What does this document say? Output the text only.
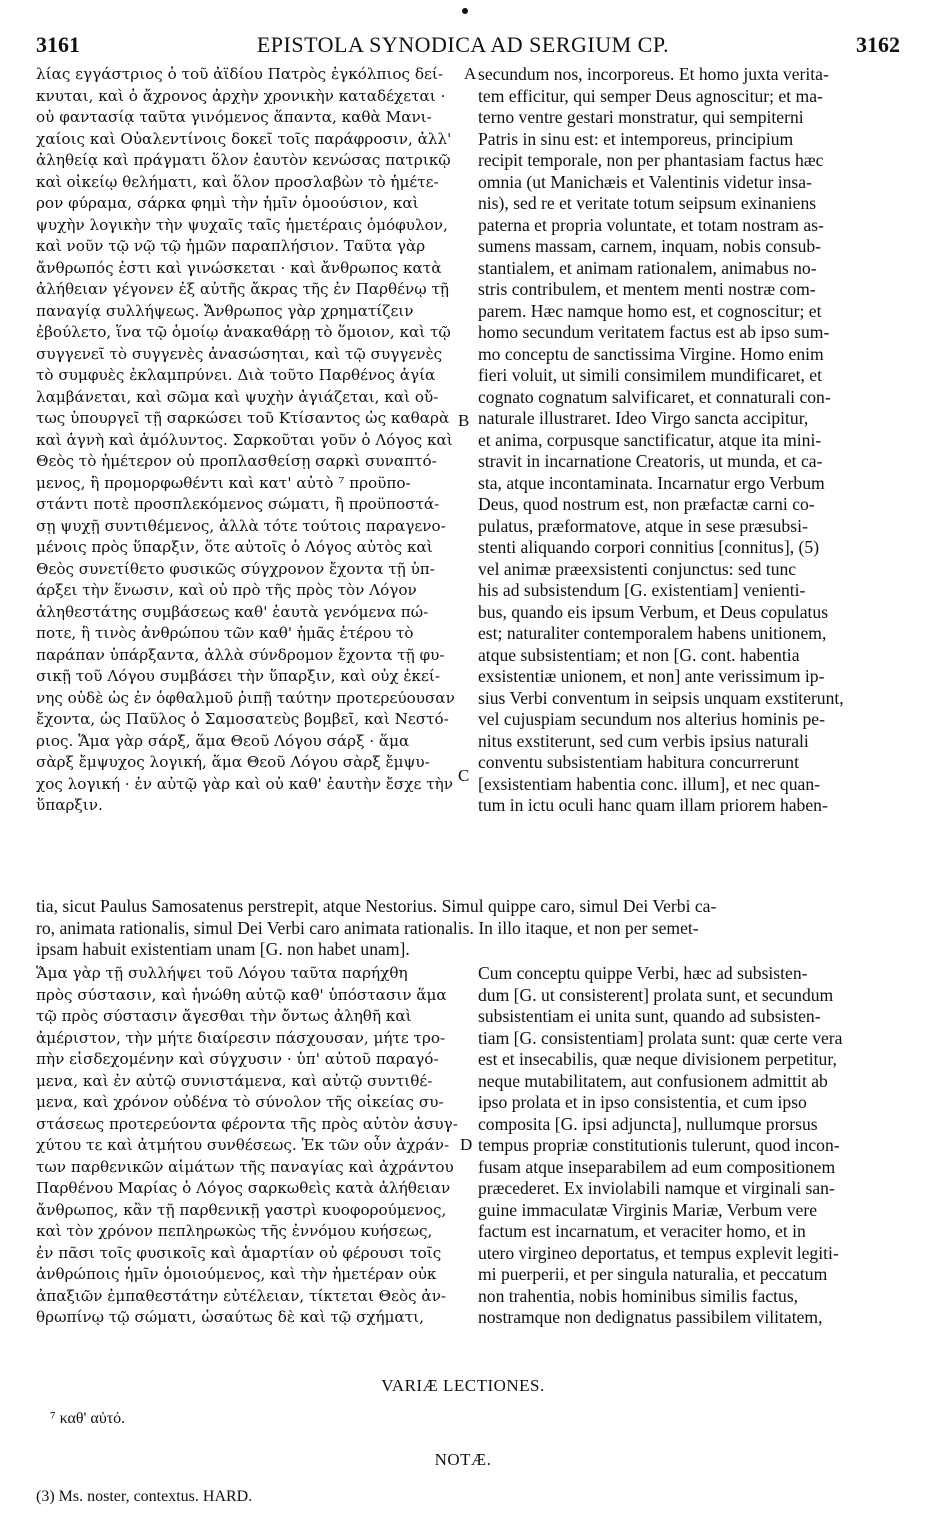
3161	EPISTOLA SYNODICA AD SERGIUM CP.	3162
λίας εγγάστριος ὁ τοῦ ἀϊδίου Πατρὸς ἐγκόλπιος δεί-
κνυται, καὶ ὁ ἄχρονος ἀρχὴν χρονικὴν καταδέχεται ·
οὐ φαντασίᾳ ταῦτα γινόμενος ἅπαντα, καθὰ Μανι-
χαίοις καὶ Οὐαλεντίνοις δοκεῖ τοῖς παράφροσιν, ἀλλ'
ἀληθείᾳ καὶ πράγματι ὅλον ἑαυτὸν κενώσας πατρικῷ
καὶ οἰκείῳ θελήματι, καὶ ὅλον προσλαβὼν τὸ ἡμέτε-
ρον φύραμα, σάρκα φημὶ τὴν ἡμῖν ὁμοούσιον, καὶ
ψυχὴν λογικὴν τὴν ψυχαῖς ταῖς ἡμετέραις ὁμόφυλον,
καὶ νοῦν τῷ νῷ τῷ ἡμῶν παραπλήσιον. Ταῦτα γὰρ
ἄνθρωπός ἐστι καὶ γινώσκεται · καὶ ἄνθρωπος κατὰ
ἀλήθειαν γέγονεν ἐξ αὐτῆς ἄκρας τῆς ἐν Παρθένῳ τῇ
παναγίᾳ συλλήψεως. Ἄνθρωπος γὰρ χρηματίζειν
ἐβούλετο, ἵνα τῷ ὁμοίῳ ἀνακαθάρῃ τὸ ὅμοιον, καὶ τῷ
συγγενεῖ τὸ συγγενὲς ἀνασώσηται, καὶ τῷ συγγενὲς
τὸ συμφυὲς ἐκλαμπρύνει. Διὰ τοῦτο Παρθένος ἁγία
λαμβάνεται, καὶ σῶμα καὶ ψυχὴν ἁγιάζεται, καὶ οὔ-
τως ὑπουργεῖ τῇ σαρκώσει τοῦ Κτίσαντος ὡς καθαρὰ
καὶ ἁγνὴ καὶ ἀμόλυντος. Σαρκοῦται γοῦν ὁ Λόγος καὶ
Θεὸς τὸ ἡμέτερον οὐ προπλασθείσῃ σαρκὶ συναπτό-
μενος, ἢ προμορφωθέντι καὶ κατ' αὐτὸ ⁷ προϋπο-
στάντι ποτὲ προσπλεκόμενος σώματι, ἢ προϋποστά-
σῃ ψυχῇ συντιθέμενος, ἀλλὰ τότε τούτοις παραγενο-
μένοις πρὸς ὕπαρξιν, ὅτε αὐτοῖς ὁ Λόγος αὐτὸς καὶ
Θεὸς συνετίθετο φυσικῶς σύγχρονον ἔχοντα τῇ ὑπ-
άρξει τὴν ἕνωσιν, καὶ οὐ πρὸ τῆς πρὸς τὸν Λόγον
ἀληθεστάτης συμβάσεως καθ' ἑαυτὰ γενόμενα πώ-
ποτε, ἢ τινὸς ἀνθρώπου τῶν καθ' ἡμᾶς ἑτέρου τὸ
παράπαν ὑπάρξαντα, ἀλλὰ σύνδρομον ἔχοντα τῇ φυ-
σικῇ τοῦ Λόγου συμβάσει τὴν ὕπαρξιν, καὶ οὐχ ἐκεί-
νης οὐδὲ ὡς ἐν ὀφθαλμοῦ ῥιπῇ ταύτην προτερεύουσαν
ἔχοντα, ὡς Παῦλος ὁ Σαμοσατεὺς βομβεῖ, καὶ Νεστό-
ριος. Ἅμα γὰρ σάρξ, ἅμα Θεοῦ Λόγου σάρξ · ἅμα
σὰρξ ἔμψυχος λογική, ἅμα Θεοῦ Λόγου σὰρξ ἔμψυ-
χος λογική · ἐν αὐτῷ γὰρ καὶ οὐ καθ' ἑαυτὴν ἔσχε τὴν
ὕπαρξιν.
secundum nos, incorporeus. Et homo juxta verita-
tem efficitur, qui semper Deus agnoscitur; et ma-
terno ventre gestari monstratur, qui sempiterni
Patris in sinu est: et intemporeus, principium
recipit temporale, non per phantasiam factus hæc
omnia (ut Manichæis et Valentinis videtur insa-
nis), sed re et veritate totum seipsum exinaniens
paterna et propria voluntate, et totam nostram as-
sumens massam, carnem, inquam, nobis consub-
stantialem, et animam rationalem, animabus no-
stris contribulem, et mentem menti nostræ com-
parem. Hæc namque homo est, et cognoscitur; et
homo secundum veritatem factus est ab ipso sum-
mo conceptu de sanctissima Virgine. Homo enim
fieri voluit, ut simili consimilem mundificaret, et
cognato cognatum salvificaret, et connaturali con-
naturale illustraret. Ideo Virgo sancta accipitur,
et anima, corpusque sanctificatur, atque ita mini-
stravit in incarnatione Creatoris, ut munda, et ca-
sta, atque incontaminata. Incarnatur ergo Verbum
Deus, quod nostrum est, non præfactæ carni co-
pulatus, præformatove, atque in sese præsubsi-
stenti aliquando corpori connitius [connitus], (5)
vel animæ præexsistenti conjunctus: sed tunc
his ad subsistendum [G. existentiam] venienti-
bus, quando eis ipsum Verbum, et Deus copulatus
est; naturaliter contemporalem habens unitionem,
atque subsistentiam; et non [G. cont. habentia
exsistentiæ unionem, et non] ante verissimum ip-
sius Verbi conventum in seipsis unquam exstiterunt,
vel cujuspiam secundum nos alterius hominis pe-
nitus exstiterunt, sed cum verbis ipsius naturali
conventu subsistentiam habitura concurrerunt
[exsistentiam habentia conc. illum], et nec quan-
tum in ictu oculi hanc quam illam priorem haben-
A
B
C
D
tia, sicut Paulus Samosatenus perstrepit, atque Nestorius. Simul quippe caro, simul Dei Verbi ca-
ro, animata rationalis, simul Dei Verbi caro animata rationalis. In illo itaque, et non per semet-
ipsam habuit existentiam unam [G. non habet unam].
Ἅμα γὰρ τῇ συλλήψει τοῦ Λόγου ταῦτα παρήχθη
πρὸς σύστασιν, καὶ ἡνώθη αὐτῷ καθ' ὑπόστασιν ἅμα
τῷ πρὸς σύστασιν ἄγεσθαι τὴν ὄντως ἀληθῆ καὶ
ἀμέριστον, τὴν μήτε διαίρεσιν πάσχουσαν, μήτε τρο-
πὴν εἰσδεχομένην καὶ σύγχυσιν · ὑπ' αὐτοῦ παραγό-
μενα, καὶ ἐν αὐτῷ συνιστάμενα, καὶ αὐτῷ συντιθέ-
μενα, καὶ χρόνον οὐδένα τὸ σύνολον τῆς οἰκείας συ-
στάσεως προτερεύοντα φέροντα τῆς πρὸς αὐτὸν ἀσυγ-
χύτου τε καὶ ἀτμήτου συνθέσεως. Ἐκ τῶν οὖν ἀχράν-
των παρθενικῶν αἱμάτων τῆς παναγίας καὶ ἀχράντου
Παρθένου Μαρίας ὁ Λόγος σαρκωθεὶς κατὰ ἀλήθειαν
ἄνθρωπος, κἂν τῇ παρθενικῇ γαστρὶ κυοφορούμενος,
καὶ τὸν χρόνον πεπληρωκὼς τῆς ἐννόμου κυήσεως,
ἐν πᾶσι τοῖς φυσικοῖς καὶ ἁμαρτίαν οὐ φέρουσι τοῖς
ἀνθρώποις ἡμῖν ὁμοιούμενος, καὶ τὴν ἡμετέραν οὐκ
ἀπαξιῶν ἐμπαθεστάτην εὐτέλειαν, τίκτεται Θεὸς ἀν-
θρωπίνῳ τῷ σώματι, ὡσαύτως δὲ καὶ τῷ σχήματι,
Cum conceptu quippe Verbi, hæc ad subsisten-
dum [G. ut consisterent] prolata sunt, et secundum
subsistentiam ei unita sunt, quando ad subsisten-
tiam [G. consistentiam] prolata sunt: quæ certe vera
est et insecabilis, quæ neque divisionem perpetitur,
neque mutabilitatem, aut confusionem admittit ab
ipso prolata et in ipso consistentia, et cum ipso
composita [G. ipsi adjuncta], nullumque prorsus
tempus propriæ constitutionis tulerunt, quod incon-
fusam atque inseparabilem ad eum compositionem
præcederet. Ex inviolabili namque et virginali san-
guine immaculatæ Virginis Mariæ, Verbum vere
factum est incarnatum, et veraciter homo, et in
utero virgineo deportatus, et tempus explevit legiti-
mi puerperii, et per singula naturalia, et peccatum
non trahentia, nobis hominibus similis factus,
nostramque non dedignatus passibilem vilitatem,
VARIÆ LECTIONES.
⁷ καθ' αὐτό.
NOTÆ.
(3) Ms. noster, contextus. HARD.
